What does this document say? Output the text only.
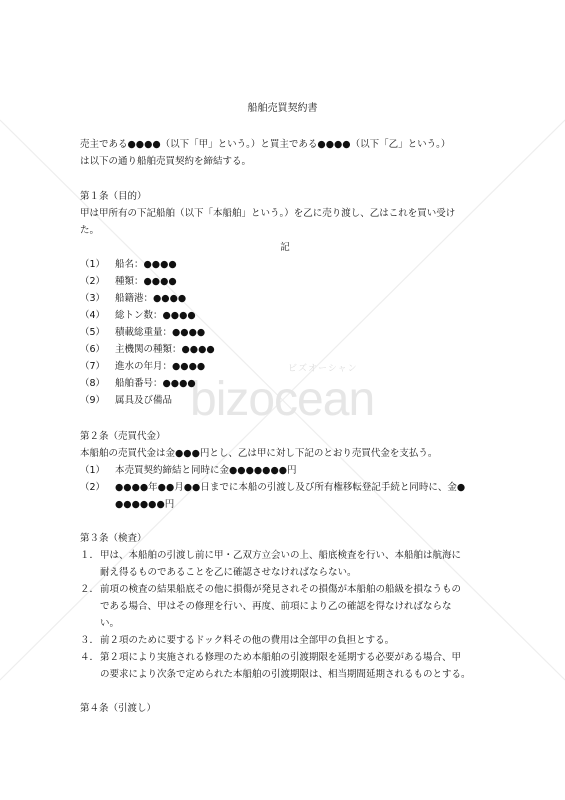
ビズオーシャン
bizocean
船舶売買契約書

売主である●●●●（以下「甲」という。）と買主である●●●●（以下「乙」という。）

は以下の通り船舶売買契約を締結する。

第１条（目的）

甲は甲所有の下記船舶（以下「本船舶」という。）を乙に売り渡し、乙はこれを買い受け

た。

記

（1）	船名：●●●●
（2）	種類：●●●●
（3）	船籍港：●●●●
（4）	総トン数：●●●●
（5）	積載総重量：●●●●
（6）	主機関の種類：●●●●
（7）	進水の年月：●●●●
（8）	船舶番号：●●●●
（9）	属具及び備品

第２条（売買代金）

本船舶の売買代金は金●●●円とし、乙は甲に対し下記のとおり売買代金を支払う。

（1）	本売買契約締結と同時に金●●●●●●●円
（2）	●●●●年●●月●●日までに本船の引渡し及び所有権移転登記手続と同時に、金●
●●●●●●円

第３条（検査）

１． 甲は、本船舶の引渡し前に甲・乙双方立会いの上、船底検査を行い、本船舶は航海に
耐え得るものであることを乙に確認させなければならない。
２． 前項の検査の結果船底その他に損傷が発見されその損傷が本船舶の船級を損なうもの
である場合、甲はその修理を行い、再度、前項により乙の確認を得なければならな
い。
３． 前２項のために要するドック料その他の費用は全部甲の負担とする。
４． 第２項により実施される修理のため本船舶の引渡期限を延期する必要がある場合、甲
の要求により次条で定められた本船舶の引渡期限は、相当期間延期されるものとする。

第４条（引渡し）
